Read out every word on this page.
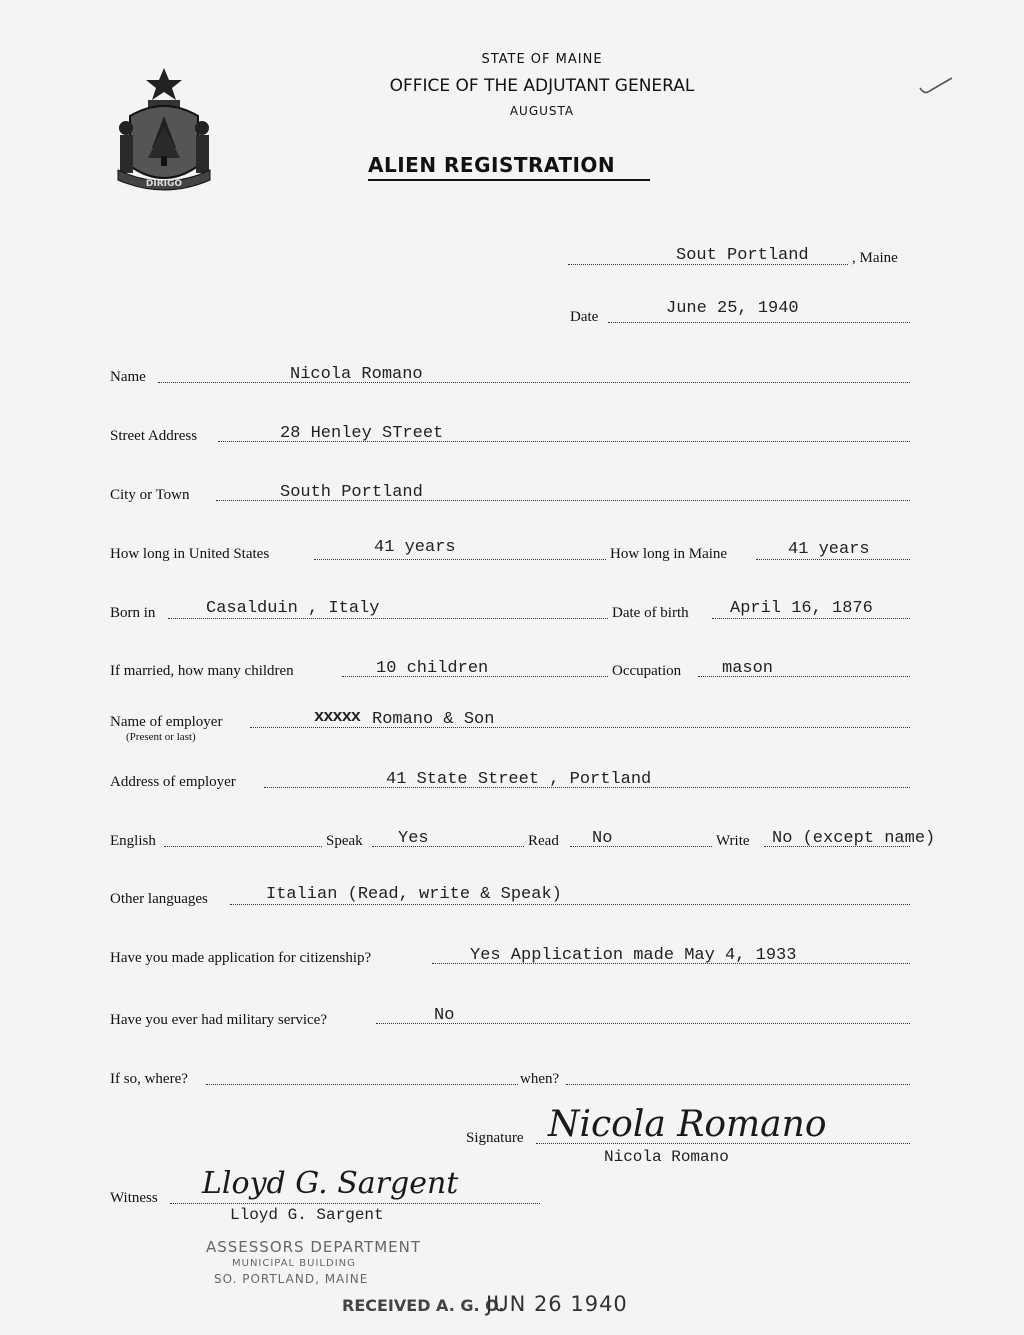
DIRIGO
STATE OF MAINE
OFFICE OF THE ADJUTANT GENERAL
AUGUSTA
ALIEN REGISTRATION
Sout Portland	, Maine
Date	June 25, 1940
Name	Nicola Romano
Street Address	28 Henley STreet
City or Town	South Portland
How long in United States	41 years	How long in Maine	41 years
Born in	Casalduin , Italy	Date of birth April 16, 1876
If married, how many children	10 children	Occupation mason
Name of employer
(Present or last)
xxxxx Romano & Son
Address of employer	41 State Street , Portland
English	Speak Yes	Read No	Write No (except name)
Other languages	Italian (Read, write & Speak)
Have you made application for citizenship?	Yes Application made May 4, 1933
Have you ever had military service?	No
If so, where?	when?
Signature Nicola Romano
Nicola Romano
Witness Lloyd G. Sargent
Lloyd G. Sargent
ASSESSORS DEPARTMENT
MUNICIPAL BUILDING
SO. PORTLAND, MAINE
RECEIVED A. G. O.
JUN 26 1940
